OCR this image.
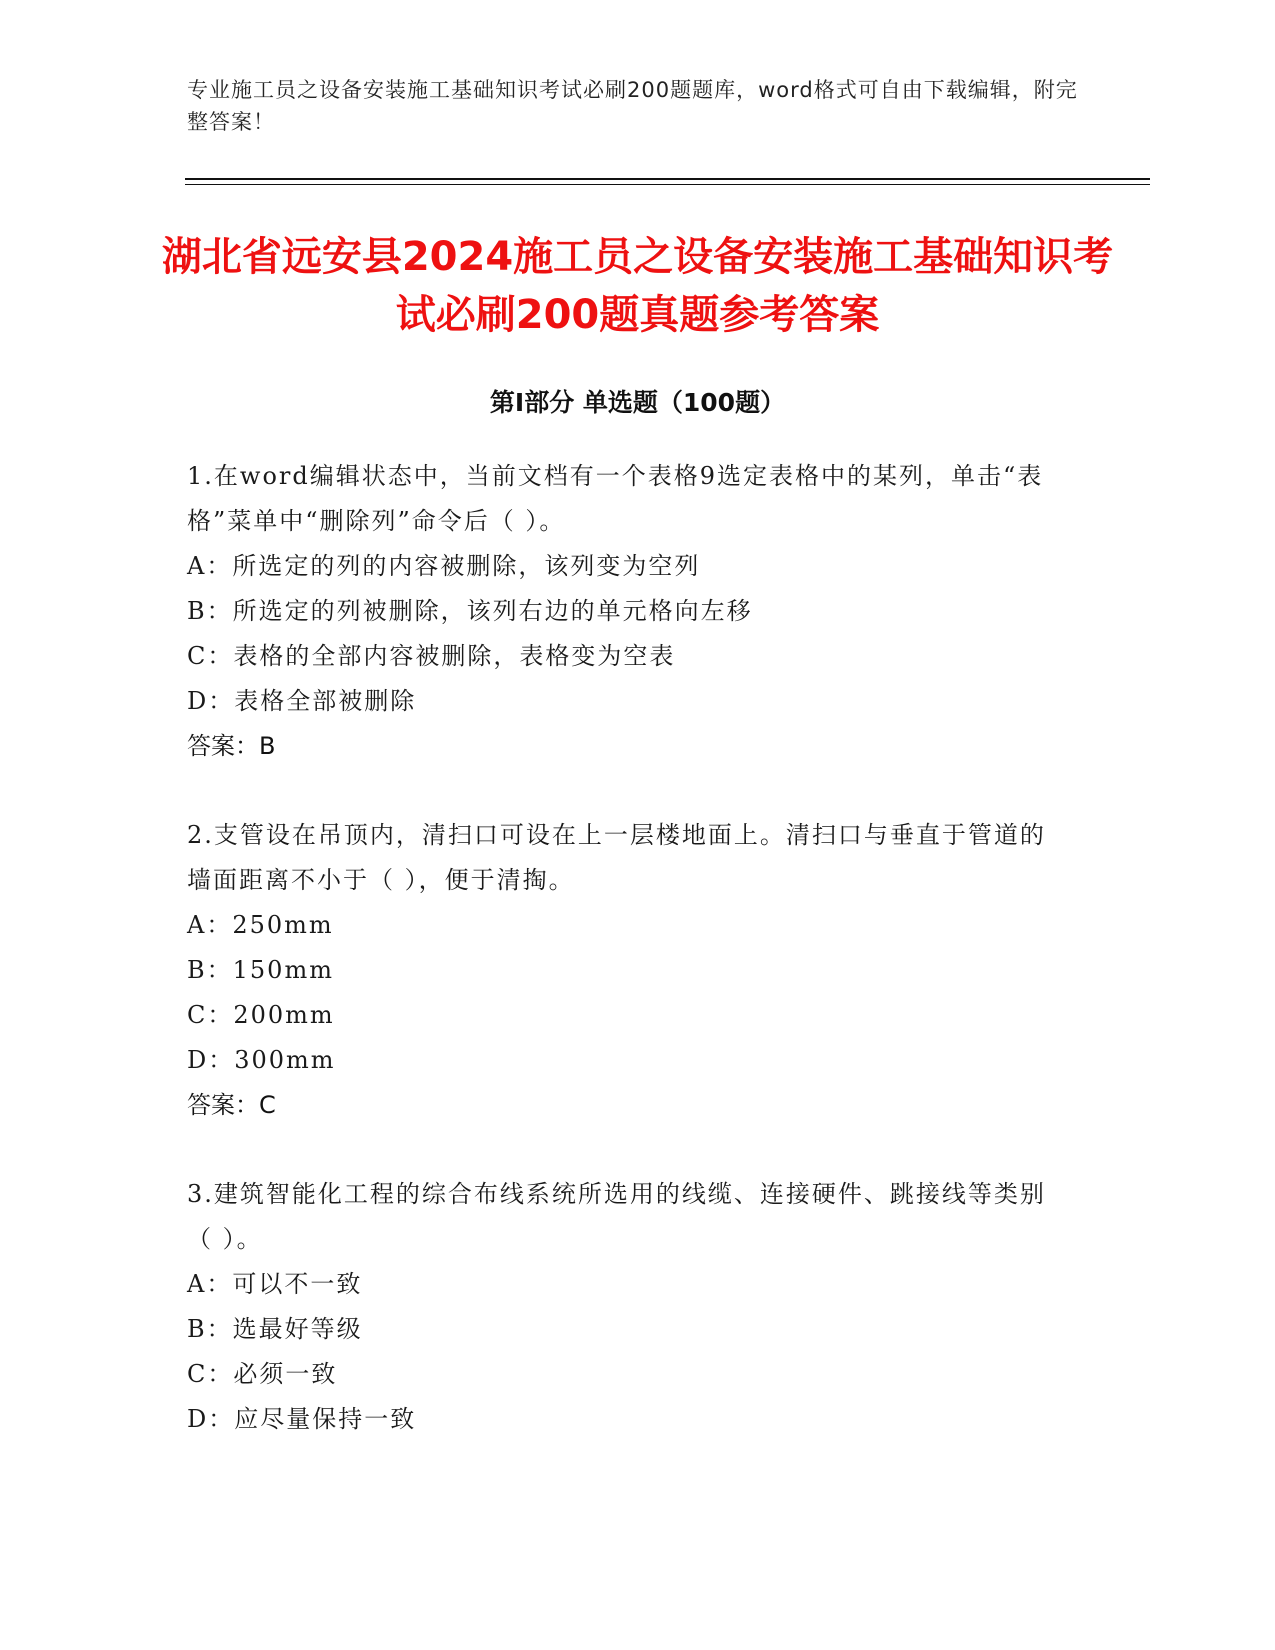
专业施工员之设备安装施工基础知识考试必刷200题题库，word格式可自由下载编辑，附完整答案！
湖北省远安县2024施工员之设备安装施工基础知识考试必刷200题真题参考答案
第I部分 单选题（100题）

1.在word编辑状态中，当前文档有一个表格9选定表格中的某列，单击“表格”菜单中“删除列”命令后（ ）。

A：所选定的列的内容被删除，该列变为空列

B：所选定的列被删除，该列右边的单元格向左移

C：表格的全部内容被删除，表格变为空表

D：表格全部被删除

答案：B

2.支管设在吊顶内，清扫口可设在上一层楼地面上。清扫口与垂直于管道的墙面距离不小于（ ），便于清掏。

A：250mm

B：150mm

C：200mm

D：300mm

答案：C

3.建筑智能化工程的综合布线系统所选用的线缆、连接硬件、跳接线等类别（ ）。

A：可以不一致

B：选最好等级

C：必须一致

D：应尽量保持一致
